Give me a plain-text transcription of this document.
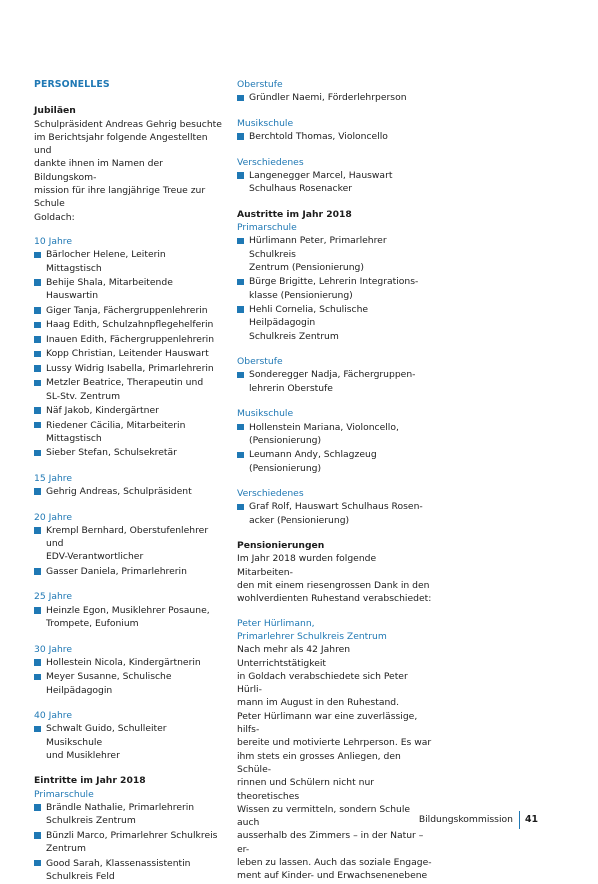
PERSONELLES
Jubiläen

Schulpräsident Andreas Gehrig besuchte
im Berichtsjahr folgende Angestellten und
dankte ihnen im Namen der Bildungskom-
mission für ihre langjährige Treue zur Schule
Goldach:

10 Jahre
Bärlocher Helene, Leiterin Mittagstisch
Behije Shala, Mitarbeitende Hauswartin
Giger Tanja, Fächergruppenlehrerin
Haag Edith, Schulzahnpflegehelferin
Inauen Edith, Fächergruppenlehrerin
Kopp Christian, Leitender Hauswart
Lussy Widrig Isabella, Primarlehrerin
Metzler Beatrice, Therapeutin und
SL-Stv. Zentrum
Näf Jakob, Kindergärtner
Riedener Cäcilia, Mitarbeiterin
Mittagstisch
Sieber Stefan, Schulsekretär
15 Jahre
Gehrig Andreas, Schulpräsident
20 Jahre
Krempl Bernhard, Oberstufenlehrer und
EDV-Verantwortlicher
Gasser Daniela, Primarlehrerin
25 Jahre
Heinzle Egon, Musiklehrer Posaune,
Trompete, Eufonium
30 Jahre
Hollestein Nicola, Kindergärtnerin
Meyer Susanne, Schulische Heilpädagogin
40 Jahre
Schwalt Guido, Schulleiter Musikschule
und Musiklehrer
Eintritte im Jahr 2018
Primarschule
Brändle Nathalie, Primarlehrerin
Schulkreis Zentrum
Bünzli Marco, Primarlehrer Schulkreis
Zentrum
Good Sarah, Klassenassistentin
Schulkreis Feld
Oberstufe
Gründler Naemi, Förderlehrperson
Musikschule
Berchtold Thomas, Violoncello
Verschiedenes
Langenegger Marcel, Hauswart
Schulhaus Rosenacker
Austritte im Jahr 2018
Primarschule
Hürlimann Peter, Primarlehrer Schulkreis
Zentrum (Pensionierung)
Bürge Brigitte, Lehrerin Integrations-
klasse (Pensionierung)
Hehli Cornelia, Schulische Heilpädagogin
Schulkreis Zentrum
Oberstufe
Sonderegger Nadja, Fächergruppen-
lehrerin Oberstufe
Musikschule
Hollenstein Mariana, Violoncello,
(Pensionierung)
Leumann Andy, Schlagzeug
(Pensionierung)
Verschiedenes
Graf Rolf, Hauswart Schulhaus Rosen-
acker (Pensionierung)
Pensionierungen

Im Jahr 2018 wurden folgende Mitarbeiten-
den mit einem riesengrossen Dank in den
wohlverdienten Ruhestand verabschiedet:

Peter Hürlimann,
Primarlehrer Schulkreis Zentrum

Nach mehr als 42 Jahren Unterrichtstätigkeit
in Goldach verabschiedete sich Peter Hürli-
mann im August in den Ruhestand.
Peter Hürlimann war eine zuverlässige, hilfs-
bereite und motivierte Lehrperson. Es war
ihm stets ein grosses Anliegen, den Schüle-
rinnen und Schülern nicht nur theoretisches
Wissen zu vermitteln, sondern Schule auch
ausserhalb des Zimmers – in der Natur – er-
leben zu lassen. Auch das soziale Engage-
ment auf Kinder- und Erwachsenenebene

Bildungskommission 41
